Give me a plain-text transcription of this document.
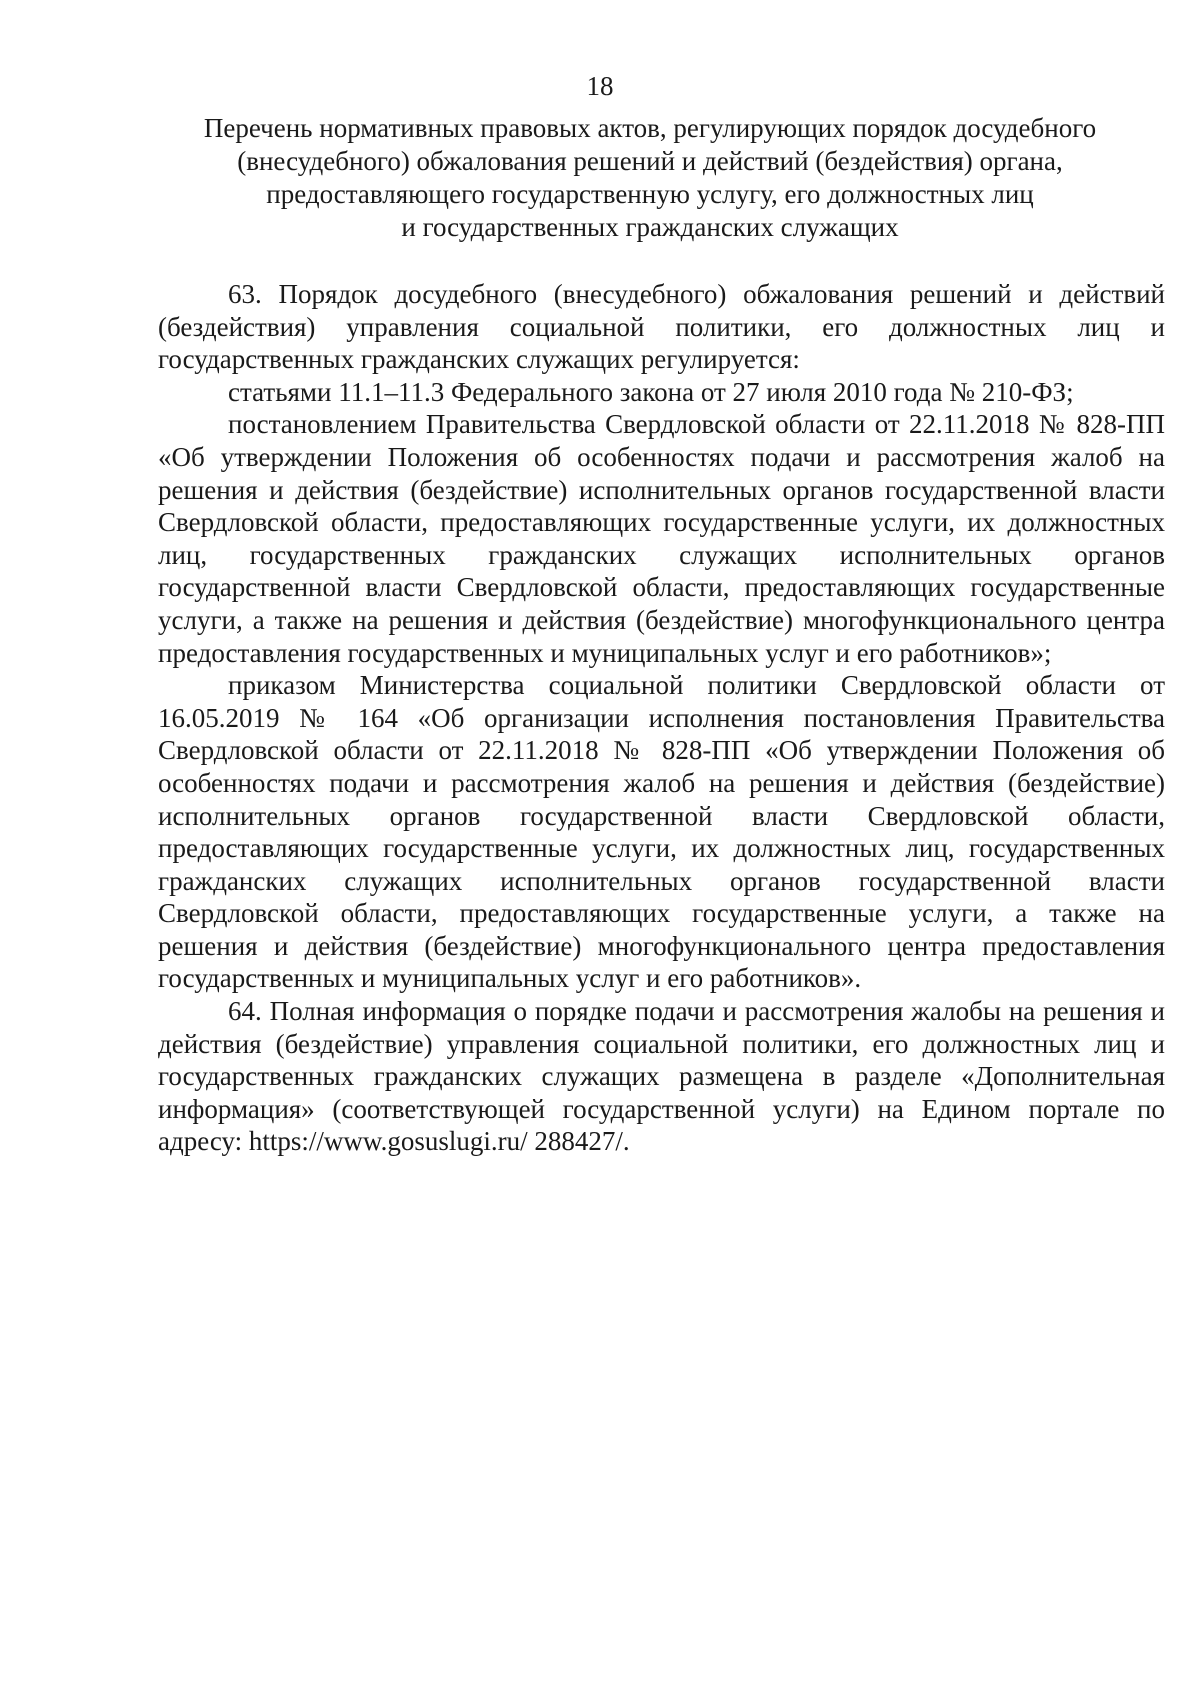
18
Перечень нормативных правовых актов, регулирующих порядок досудебного
(внесудебного) обжалования решений и действий (бездействия) органа,
предоставляющего государственную услугу, его должностных лиц
и государственных гражданских служащих

63. Порядок досудебного (внесудебного) обжалования решений и действий (бездействия) управления социальной политики, его должностных лиц и государственных гражданских служащих регулируется:

статьями 11.1–11.3 Федерального закона от 27 июля 2010 года № 210-ФЗ;

постановлением Правительства Свердловской области от 22.11.2018 № 828-ПП «Об утверждении Положения об особенностях подачи и рассмотрения жалоб на решения и действия (бездействие) исполнительных органов государственной власти Свердловской области, предоставляющих государственные услуги, их должностных лиц, государственных гражданских служащих исполнительных органов государственной власти Свердловской области, предоставляющих государственные услуги, а также на решения и действия (бездействие) многофункционального центра предоставления государственных и муниципальных услуг и его работников»;

приказом Министерства социальной политики Свердловской области от 16.05.2019 № 164 «Об организации исполнения постановления Правительства Свердловской области от 22.11.2018 № 828-ПП «Об утверждении Положения об особенностях подачи и рассмотрения жалоб на решения и действия (бездействие) исполнительных органов государственной власти Свердловской области, предоставляющих государственные услуги, их должностных лиц, государственных гражданских служащих исполнительных органов государственной власти Свердловской области, предоставляющих государственные услуги, а также на решения и действия (бездействие) многофункционального центра предоставления государственных и муниципальных услуг и его работников».

64. Полная информация о порядке подачи и рассмотрения жалобы на решения и действия (бездействие) управления социальной политики, его должностных лиц и государственных гражданских служащих размещена в разделе «Дополнительная информация» (соответствующей государственной услуги) на Едином портале по адресу: https://www.gosuslugi.ru/ 288427/.
